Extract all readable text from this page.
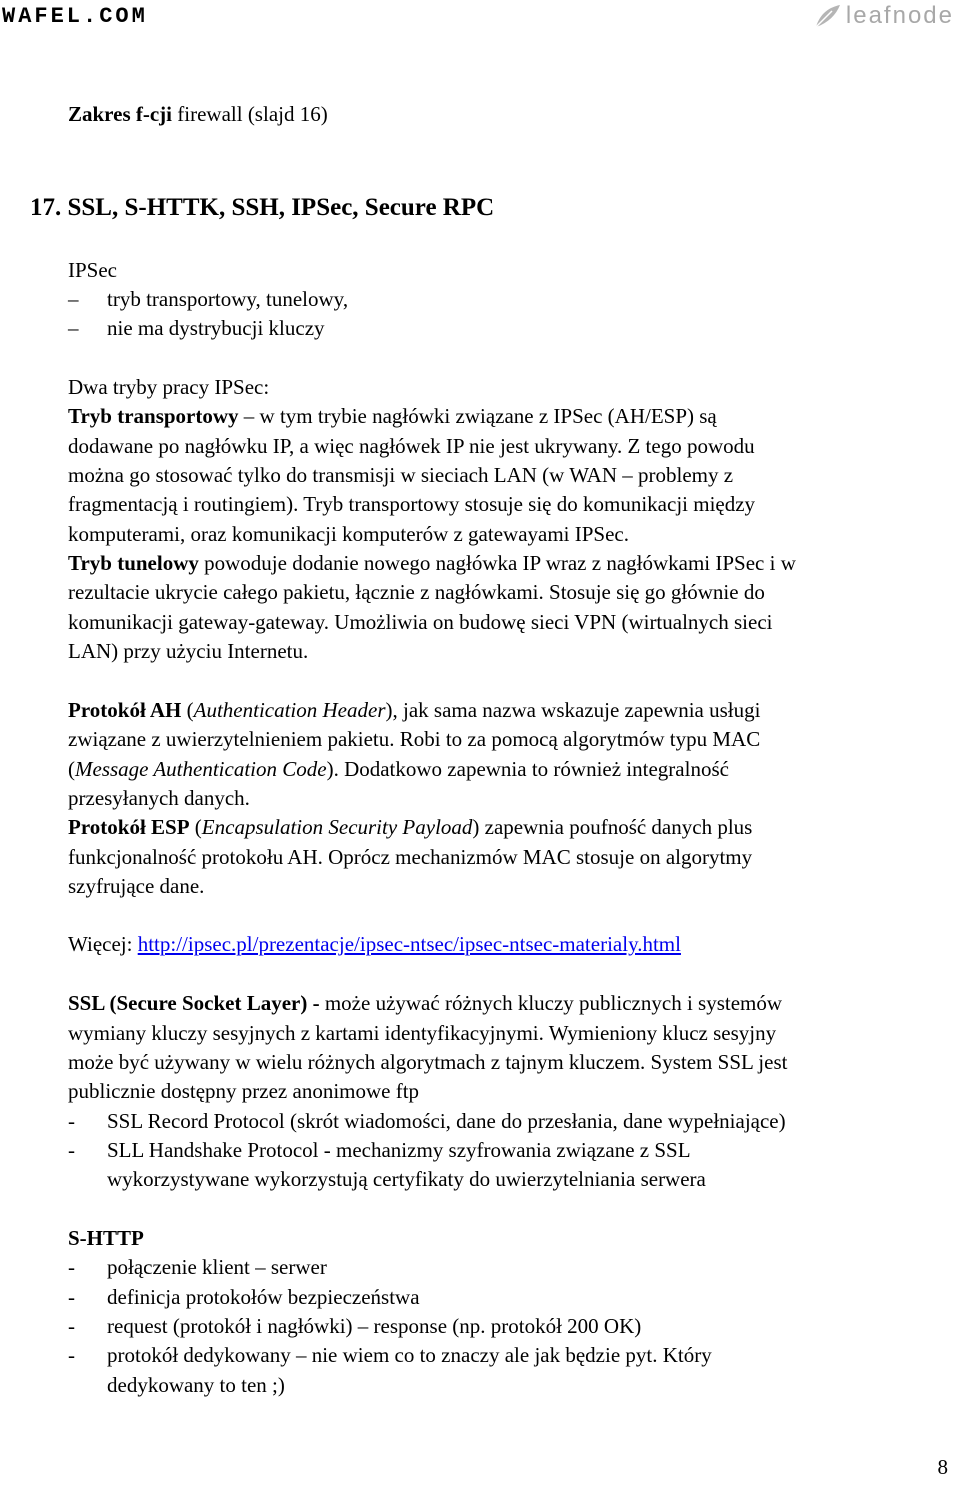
WAFEL.COM	leafnode
Zakres f-cji firewall (slajd 16)
17. SSL, S-HTTK, SSH, IPSec, Secure RPC
IPSec
–	tryb transportowy, tunelowy,
–	nie ma dystrybucji kluczy
Dwa tryby pracy IPSec:
Tryb transportowy – w tym trybie nagłówki związane z IPSec (AH/ESP) są
dodawane po nagłówku IP, a więc nagłówek IP nie jest ukrywany. Z tego powodu
można go stosować tylko do transmisji w sieciach LAN (w WAN – problemy z
fragmentacją i routingiem). Tryb transportowy stosuje się do komunikacji między
komputerami, oraz komunikacji komputerów z gatewayami IPSec.
Tryb tunelowy powoduje dodanie nowego nagłówka IP wraz z nagłówkami IPSec i w
rezultacie ukrycie całego pakietu, łącznie z nagłówkami. Stosuje się go głównie do
komunikacji gateway-gateway. Umożliwia on budowę sieci VPN (wirtualnych sieci
LAN) przy użyciu Internetu.
Protokół AH (Authentication Header), jak sama nazwa wskazuje zapewnia usługi
związane z uwierzytelnieniem pakietu. Robi to za pomocą algorytmów typu MAC
(Message Authentication Code). Dodatkowo zapewnia to również integralność
przesyłanych danych.
Protokół ESP (Encapsulation Security Payload) zapewnia poufność danych plus
funkcjonalność protokołu AH. Oprócz mechanizmów MAC stosuje on algorytmy
szyfrujące dane.
Więcej: http://ipsec.pl/prezentacje/ipsec-ntsec/ipsec-ntsec-materialy.html
SSL (Secure Socket Layer) - może używać różnych kluczy publicznych i systemów
wymiany kluczy sesyjnych z kartami identyfikacyjnymi. Wymieniony klucz sesyjny
może być używany w wielu różnych algorytmach z tajnym kluczem. System SSL jest
publicznie dostępny przez anonimowe ftp
-	SSL Record Protocol (skrót wiadomości, dane do przesłania, dane wypełniające)
-	SLL Handshake Protocol - mechanizmy szyfrowania związane z SSL
wykorzystywane wykorzystują certyfikaty do uwierzytelniania serwera
S-HTTP
-	połączenie klient – serwer
-	definicja protokołów bezpieczeństwa
-	request (protokół i nagłówki) – response (np. protokół 200 OK)
-	protokół dedykowany – nie wiem co to znaczy ale jak będzie pyt. Który
dedykowany to ten ;)
8
